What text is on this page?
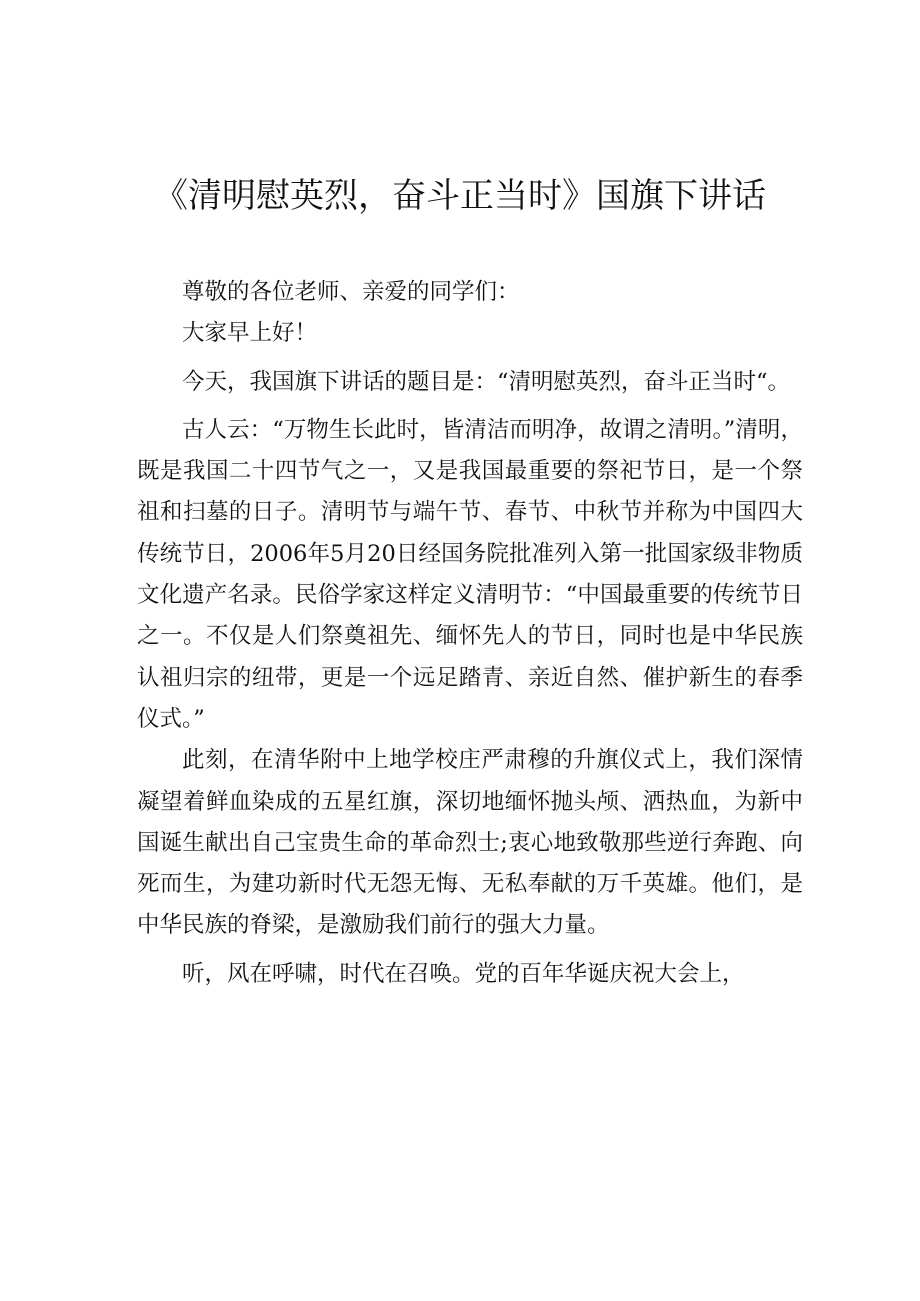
《清明慰英烈，奋斗正当时》国旗下讲话

尊敬的各位老师、亲爱的同学们：

大家早上好！

今天，我国旗下讲话的题目是：“清明慰英烈，奋斗正当时“。

古人云：“万物生长此时，皆清洁而明净，故谓之清明。”清明，既是我国二十四节气之一，又是我国最重要的祭祀节日，是一个祭祖和扫墓的日子。清明节与端午节、春节、中秋节并称为中国四大传统节日，2006年5月20日经国务院批准列入第一批国家级非物质文化遗产名录。民俗学家这样定义清明节：“中国最重要的传统节日之一。不仅是人们祭奠祖先、缅怀先人的节日，同时也是中华民族认祖归宗的纽带，更是一个远足踏青、亲近自然、催护新生的春季仪式。”

此刻，在清华附中上地学校庄严肃穆的升旗仪式上，我们深情凝望着鲜血染成的五星红旗，深切地缅怀抛头颅、洒热血，为新中国诞生献出自己宝贵生命的革命烈士;衷心地致敬那些逆行奔跑、向死而生，为建功新时代无怨无悔、无私奉献的万千英雄。他们，是中华民族的脊梁，是激励我们前行的强大力量。

听，风在呼啸，时代在召唤。党的百年华诞庆祝大会上，
